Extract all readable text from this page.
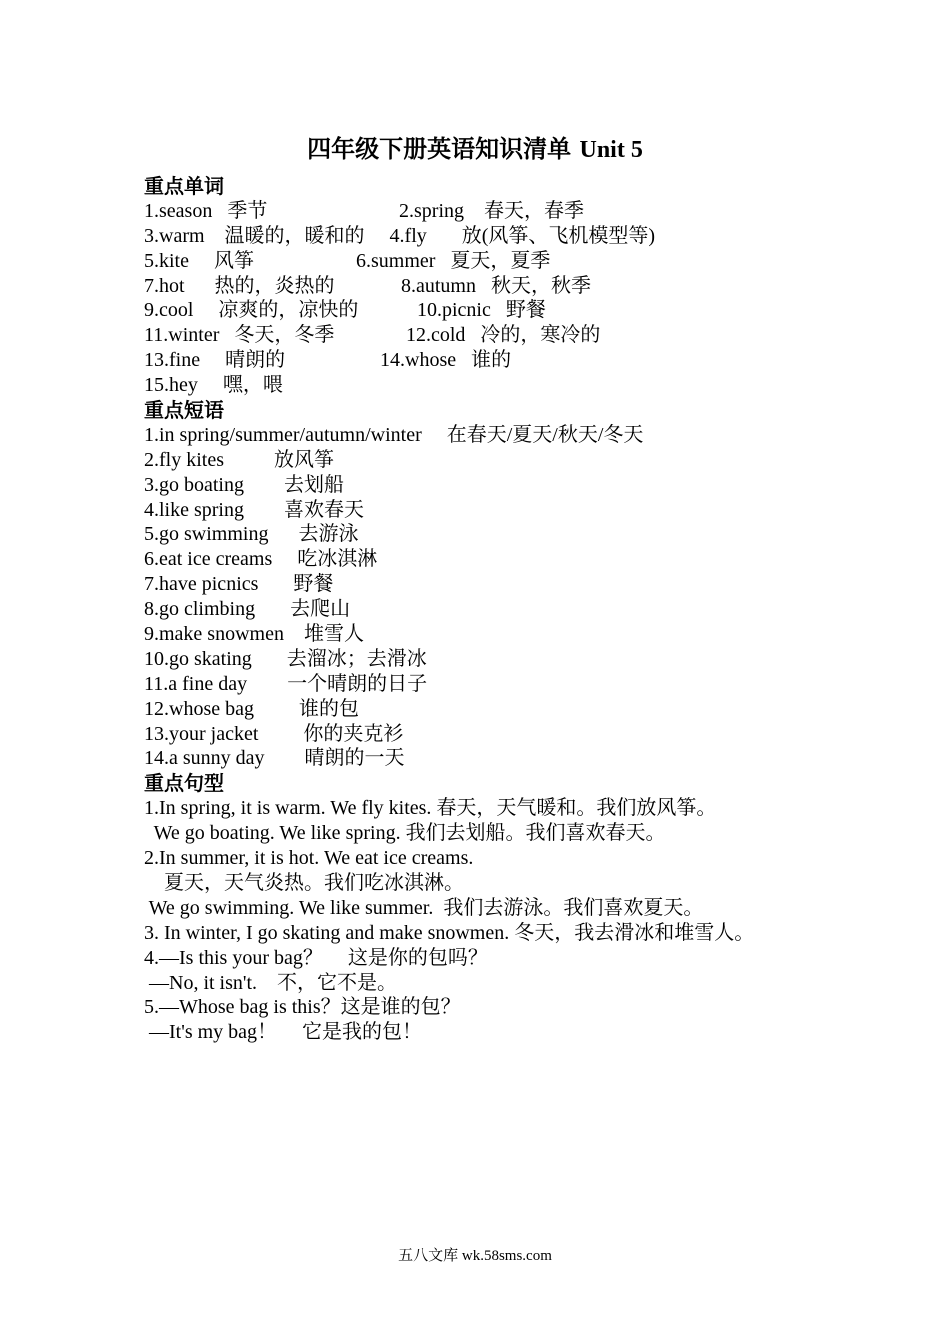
四年级下册英语知识清单 Unit 5
重点单词
1.season   季节	2.spring    春天，春季
3.warm    温暖的，暖和的     4.fly       放(风筝、飞机模型等)
5.kite     风筝	6.summer   夏天，夏季
7.hot      热的，炎热的	8.autumn   秋天，秋季
9.cool     凉爽的，凉快的	10.picnic   野餐
11.winter   冬天，冬季	12.cold   冷的，寒冷的
13.fine     晴朗的	14.whose   谁的
15.hey     嘿，喂
重点短语
1.in spring/summer/autumn/winter     在春天/夏天/秋天/冬天
2.fly kites          放风筝
3.go boating        去划船
4.like spring        喜欢春天
5.go swimming      去游泳
6.eat ice creams     吃冰淇淋
7.have picnics       野餐
8.go climbing       去爬山
9.make snowmen    堆雪人
10.go skating       去溜冰；去滑冰
11.a fine day        一个晴朗的日子
12.whose bag         谁的包
13.your jacket         你的夹克衫
14.a sunny day        晴朗的一天
重点句型
1.In spring, it is warm. We fly kites. 春天，天气暖和。我们放风筝。
We go boating. We like spring. 我们去划船。我们喜欢春天。
2.In summer, it is hot. We eat ice creams.
夏天，天气炎热。我们吃冰淇淋。
We go swimming. We like summer.  我们去游泳。我们喜欢夏天。
3. In winter, I go skating and make snowmen. 冬天，我去滑冰和堆雪人。
4.—Is this your bag？     这是你的包吗？
—No, it isn't.    不，它不是。
5.—Whose bag is this？这是谁的包？
—It's my bag！     它是我的包！
五八文库 wk.58sms.com
